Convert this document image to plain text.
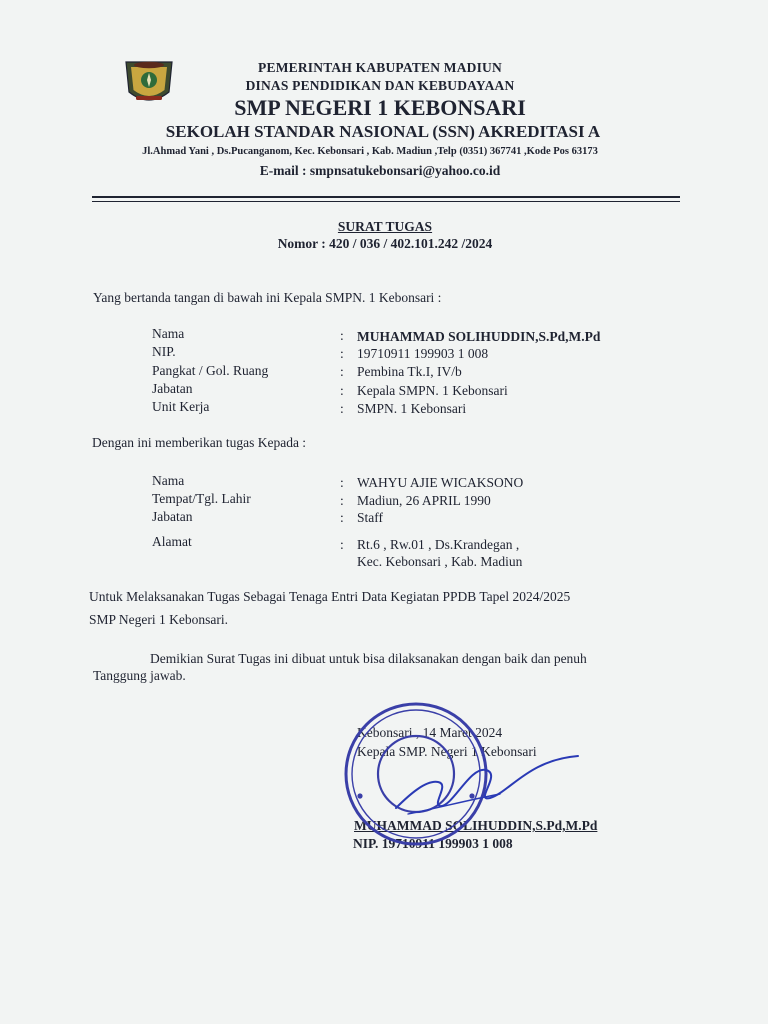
PEMERINTAH KABUPATEN MADIUN
DINAS PENDIDIKAN DAN KEBUDAYAAN
SMP NEGERI 1 KEBONSARI
SEKOLAH STANDAR NASIONAL (SSN) AKREDITASI A
Jl.Ahmad Yani , Ds.Pucanganom, Kec. Kebonsari , Kab. Madiun ,Telp (0351) 367741 ,Kode Pos 63173
E-mail : smpnsatukebonsari@yahoo.co.id
SURAT TUGAS
Nomor : 420 / 036 / 402.101.242 /2024
Yang bertanda tangan di bawah ini Kepala SMPN. 1 Kebonsari :
Nama	: MUHAMMAD SOLIHUDDIN,S.Pd,M.Pd
NIP.	: 19710911 199903 1 008
Pangkat / Gol. Ruang	: Pembina Tk.I, IV/b
Jabatan	: Kepala SMPN. 1 Kebonsari
Unit Kerja	: SMPN. 1 Kebonsari
Dengan ini memberikan tugas Kepada :
Nama	: WAHYU AJIE WICAKSONO
Tempat/Tgl. Lahir	: Madiun, 26 APRIL 1990
Jabatan	: Staff
Alamat	: Rt.6 , Rw.01 , Ds.Krandegan ,
Kec. Kebonsari , Kab. Madiun
Untuk Melaksanakan Tugas Sebagai Tenaga Entri Data Kegiatan PPDB Tapel 2024/2025
SMP Negeri 1 Kebonsari.
Demikian Surat Tugas ini dibuat untuk bisa dilaksanakan dengan baik dan penuh
Tanggung jawab.
Kebonsari , 14 Maret 2024
Kepala SMP. Negeri 1 Kebonsari
MUHAMMAD SOLIHUDDIN,S.Pd,M.Pd
NIP. 19710911 199903 1 008
